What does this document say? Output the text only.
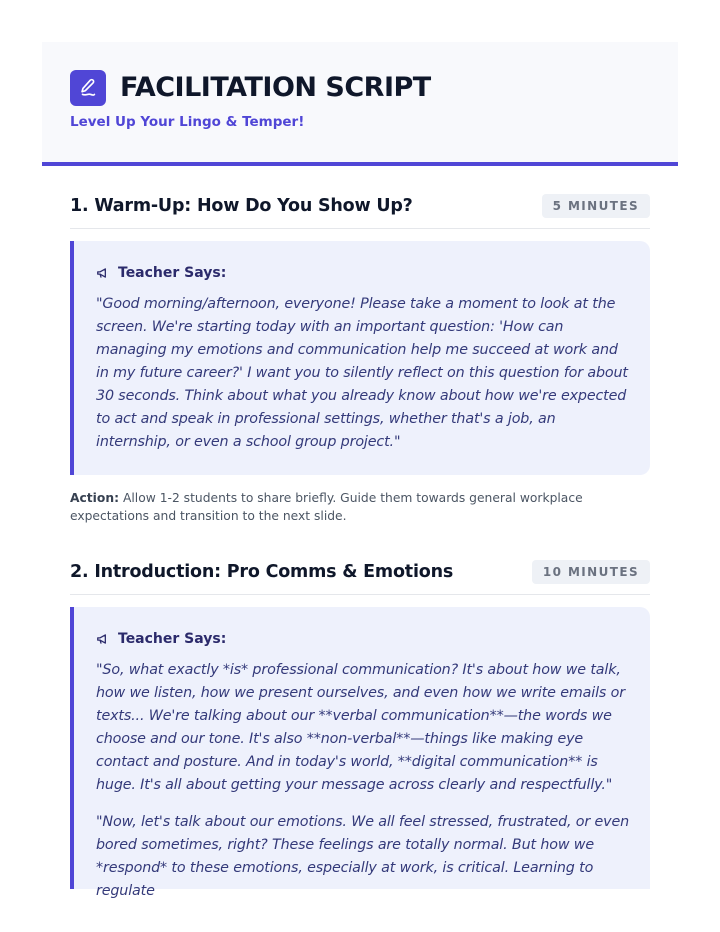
FACILITATION SCRIPT
Level Up Your Lingo & Temper!
1. Warm-Up: How Do You Show Up?	5 MINUTES
Teacher Says:

"Good morning/afternoon, everyone! Please take a moment to look at the screen. We're starting today with an important question: 'How can managing my emotions and communication help me succeed at work and in my future career?' I want you to silently reflect on this question for about 30 seconds. Think about what you already know about how we're expected to act and speak in professional settings, whether that's a job, an internship, or even a school group project."

Action: Allow 1-2 students to share briefly. Guide them towards general workplace expectations and transition to the next slide.

2. Introduction: Pro Comms & Emotions	10 MINUTES
Teacher Says:

"So, what exactly *is* professional communication? It's about how we talk, how we listen, how we present ourselves, and even how we write emails or texts... We're talking about our **verbal communication**—the words we choose and our tone. It's also **non-verbal**—things like making eye contact and posture. And in today's world, **digital communication** is huge. It's all about getting your message across clearly and respectfully."

"Now, let's talk about our emotions. We all feel stressed, frustrated, or even bored sometimes, right? These feelings are totally normal. But how we *respond* to these emotions, especially at work, is critical. Learning to regulate
